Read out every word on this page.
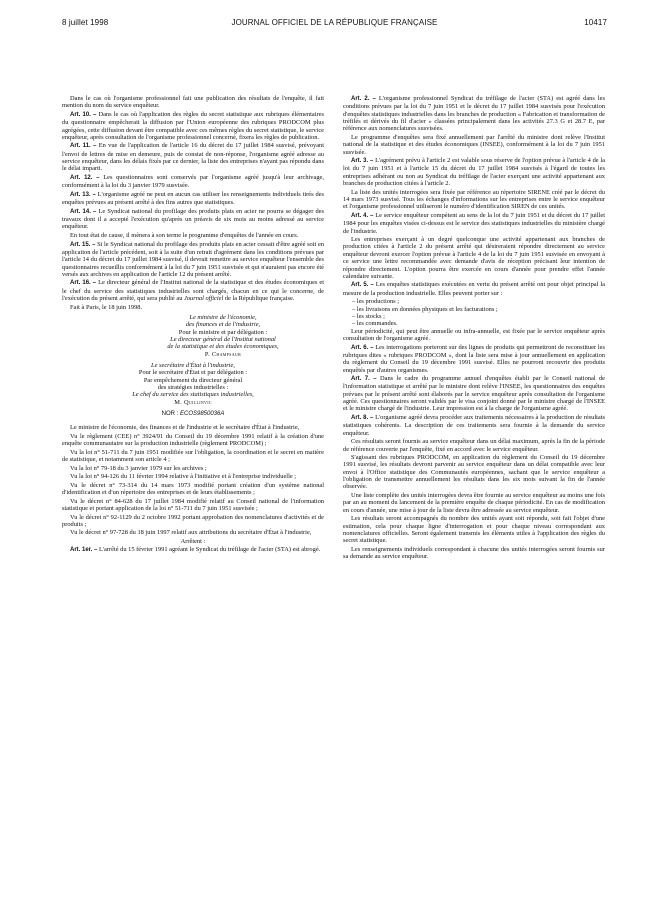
8 juillet 1998	JOURNAL OFFICIEL DE LA RÉPUBLIQUE FRANÇAISE	10417

Dans le cas où l'organisme professionnel fait une publication des résultats de l'enquête, il fait mention du nom du service enquêteur.

Art. 10. – Dans le cas où l'application des règles du secret statistique aux rubriques élémentaires du questionnaire empêcherait la diffusion par l'Union européenne des rubriques PRODCOM plus agrégées, cette diffusion devant être compatible avec ces mêmes règles du secret statistique, le service enquêteur, après consultation de l'organisme professionnel concerné, fixera les règles de publication.

Art. 11. – En vue de l'application de l'article 16 du décret du 17 juillet 1984 susvisé, prévoyant l'envoi de lettres de mise en demeure, puis de constat de non-réponse, l'organisme agréé adresse au service enquêteur, dans les délais fixés par ce dernier, la liste des entreprises n'ayant pas répondu dans le délai imparti.

Art. 12. – Les questionnaires sont conservés par l'organisme agréé jusqu'à leur archivage, conformément à la loi du 3 janvier 1979 susvisée.

Art. 13. – L'organisme agréé ne peut en aucun cas utiliser les renseignements individuels tirés des enquêtes prévues au présent arrêté à des fins autres que statistiques.

Art. 14. – Le Syndicat national du profilage des produits plats en acier ne pourra se dégager des travaux dont il a accepté l'exécution qu'après un préavis de six mois au moins adressé au service enquêteur.

En tout état de cause, il mènera à son terme le programme d'enquêtes de l'année en cours.

Art. 15. – Si le Syndicat national du profilage des produits plats en acier cessait d'être agréé soit en application de l'article précédent, soit à la suite d'un retrait d'agrément dans les conditions prévues par l'article 14 du décret du 17 juillet 1984 susvisé, il devrait remettre au service enquêteur l'ensemble des questionnaires recueillis conformément à la loi du 7 juin 1951 susvisée et qui n'auraient pas encore été versés aux archives en application de l'article 12 du présent arrêté.

Art. 16. – Le directeur général de l'Institut national de la statistique et des études économiques et le chef du service des statistiques industrielles sont chargés, chacun en ce qui le concerne, de l'exécution du présent arrêté, qui sera publié au Journal officiel de la République française.

Fait à Paris, le 18 juin 1998.

Le ministre de l'économie,

des finances et de l'industrie,

Pour le ministre et par délégation :

Le directeur général de l'Institut national

de la statistique et des études économiques,

P. Champsaur

Le secrétaire d'État à l'industrie,

Pour le secrétaire d'État et par délégation :

Par empêchement du directeur général

des stratégies industrielles :

Le chef du service des statistiques industrielles,

M. Quillinvic

NOR : ECOS9850036A

Le ministre de l'économie, des finances et de l'industrie et le secrétaire d'État à l'industrie,

Vu le règlement (CEE) n° 3924/91 du Conseil du 19 décembre 1991 relatif à la création d'une enquête communautaire sur la production industrielle (règlement PRODCOM) ;

Vu la loi n° 51-711 du 7 juin 1951 modifiée sur l'obligation, la coordination et le secret en matière de statistique, et notamment son article 4 ;

Vu la loi n° 79-18 du 3 janvier 1979 sur les archives ;

Vu la loi n° 94-126 du 11 février 1994 relative à l'initiative et à l'entreprise individuelle ;

Vu le décret n° 73-314 du 14 mars 1973 modifié portant création d'un système national d'identification et d'un répertoire des entreprises et de leurs établissements ;

Vu le décret n° 84-628 du 17 juillet 1984 modifié relatif au Conseil national de l'information statistique et portant application de la loi n° 51-711 du 7 juin 1951 susvisée ;

Vu le décret n° 92-1129 du 2 octobre 1992 portant approbation des nomenclatures d'activités et de produits ;

Vu le décret n° 97-728 du 18 juin 1997 relatif aux attributions du secrétaire d'État à l'industrie,

Arrêtent :

Art. 1er. – L'arrêté du 15 février 1991 agréant le Syndicat du tréfilage de l'acier (STA) est abrogé.

Art. 2. – L'organisme professionnel Syndicat du tréfilage de l'acier (STA) est agréé dans les conditions prévues par la loi du 7 juin 1951 et le décret du 17 juillet 1984 susvisés pour l'exécution d'enquêtes statistiques industrielles dans les branches de production « Fabrication et transformation de tréfilés et dérivés du fil d'acier » classées principalement dans les activités 27.3 G et 28.7 E, par référence aux nomenclatures susvisées.

Le programme d'enquêtes sera fixé annuellement par l'arrêté du ministre dont relève l'Institut national de la statistique et des études économiques (INSEE), conformément à la loi du 7 juin 1951 susvisée.

Art. 3. – L'agrément prévu à l'article 2 est valable sous réserve de l'option prévue à l'article 4 de la loi du 7 juin 1951 et à l'article 15 du décret du 17 juillet 1984 susvisés à l'égard de toutes les entreprises adhérant ou non au Syndicat du tréfilage de l'acier exerçant une activité appartenant aux branches de production citées à l'article 2.

La liste des unités interrogées sera fixée par référence au répertoire SIRENE créé par le décret du 14 mars 1973 susvisé. Tous les échanges d'informations sur les entreprises entre le service enquêteur et l'organisme professionnel utiliseront le numéro d'identification SIREN de ces unités.

Art. 4. – Le service enquêteur compétent au sens de la loi du 7 juin 1951 et du décret du 17 juillet 1984 pour les enquêtes visées ci-dessus est le service des statistiques industrielles du ministère chargé de l'industrie.

Les entreprises exerçant à un degré quelconque une activité appartenant aux branches de production citées à l'article 2 du présent arrêté qui désireraient répondre directement au service enquêteur devront exercer l'option prévue à l'article 4 de la loi du 7 juin 1951 susvisée en envoyant à ce service une lettre recommandée avec demande d'avis de réception précisant leur intention de répondre directement. L'option pourra être exercée en cours d'année pour prendre effet l'année calendaire suivante.

Art. 5. – Les enquêtes statistiques exécutées en vertu du présent arrêté ont pour objet principal la mesure de la production industrielle. Elles peuvent porter sur :

– les productions ;

– les livraisons en données physiques et les facturations ;

– les stocks ;

– les commandes.

Leur périodicité, qui peut être annuelle ou infra-annuelle, est fixée par le service enquêteur après consultation de l'organisme agréé.

Art. 6. – Les interrogations porteront sur des lignes de produits qui permettront de reconstituer les rubriques dites « rubriques PRODCOM », dont la liste sera mise à jour annuellement en application du règlement du Conseil du 19 décembre 1991 susvisé. Elles ne pourront recouvrir des produits enquêtés par d'autres organismes.

Art. 7. – Dans le cadre du programme annuel d'enquêtes établi par le Conseil national de l'information statistique et arrêté par le ministre dont relève l'INSEE, les questionnaires des enquêtes prévues par le présent arrêté sont élaborés par le service enquêteur après consultation de l'organisme agréé. Ces questionnaires seront validés par le visa conjoint donné par le ministre chargé de l'INSEE et le ministre chargé de l'industrie. Leur impression est à la charge de l'organisme agréé.

Art. 8. – L'organisme agréé devra procéder aux traitements nécessaires à la production de résultats statistiques cohérents. La description de ces traitements sera fournie à la demande du service enquêteur.

Ces résultats seront fournis au service enquêteur dans un délai maximum, après la fin de la période de référence couverte par l'enquête, fixé en accord avec le service enquêteur.

S'agissant des rubriques PRODCOM, en application du règlement du Conseil du 19 décembre 1991 susvisé, les résultats devront parvenir au service enquêteur dans un délai compatible avec leur envoi à l'Office statistique des Communautés européennes, sachant que le service enquêteur a l'obligation de transmettre annuellement les résultats dans les six mois suivant la fin de l'année observée.

Une liste complète des unités interrogées devra être fournie au service enquêteur au moins une fois par an au moment du lancement de la première enquête de chaque périodicité. En cas de modification en cours d'année, une mise à jour de la liste devra être adressée au service enquêteur.

Les résultats seront accompagnés du nombre des unités ayant soit répondu, soit fait l'objet d'une estimation, cela pour chaque ligne d'interrogation et pour chaque niveau correspondant aux nomenclatures officielles. Seront également transmis les éléments utiles à l'application des règles du secret statistique.

Les renseignements individuels correspondant à chacune des unités interrogées seront fournis sur sa demande au service enquêteur.
